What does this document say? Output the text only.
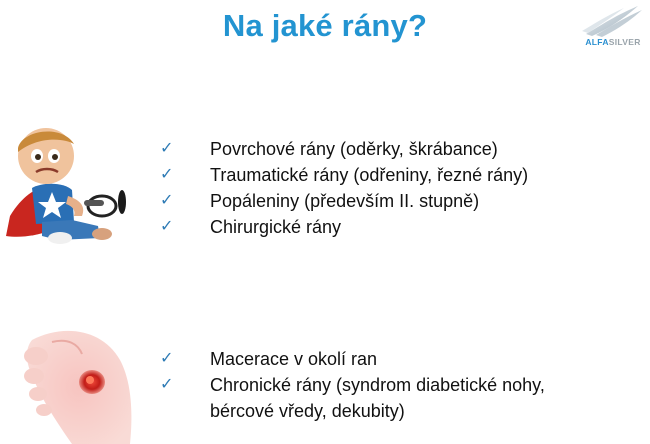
Na jaké rány?	ALFASILVER
✓ Povrchové rány (oděrky, škrábance)
✓ Traumatické rány (odřeniny, řezné rány)
✓ Popáleniny (především II. stupně)
✓ Chirurgické rány
✓ Macerace v okolí ran
✓ Chronické rány (syndrom diabetické nohy,
bércové vředy, dekubity)
